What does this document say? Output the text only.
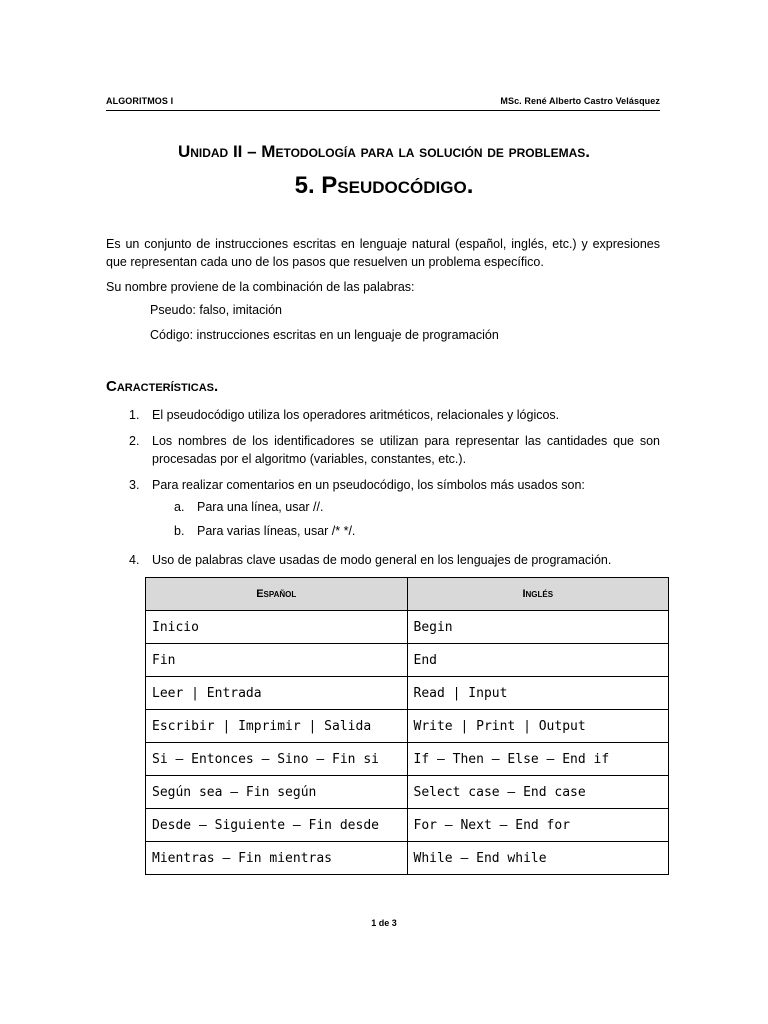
ALGORITMOS I	MSc. René Alberto Castro Velásquez
Unidad II – Metodología para la solución de problemas.
5. Pseudocódigo.
Es un conjunto de instrucciones escritas en lenguaje natural (español, inglés, etc.) y expresiones que representan cada uno de los pasos que resuelven un problema específico.
Su nombre proviene de la combinación de las palabras:
Pseudo: falso, imitación
Código: instrucciones escritas en un lenguaje de programación
Características.
1. El pseudocódigo utiliza los operadores aritméticos, relacionales y lógicos.
2. Los nombres de los identificadores se utilizan para representar las cantidades que son procesadas por el algoritmo (variables, constantes, etc.).
3. Para realizar comentarios en un pseudocódigo, los símbolos más usados son:
4. Uso de palabras clave usadas de modo general en los lenguajes de programación.
a. Para una línea, usar //.
b. Para varias líneas, usar /* */.
Español	Inglés
Inicio	Begin
Fin	End
Leer | Entrada	Read | Input
Escribir | Imprimir | Salida	Write | Print | Output
Si – Entonces – Sino – Fin si	If – Then – Else – End if
Según sea – Fin según	Select case – End case
Desde – Siguiente – Fin desde	For – Next – End for
Mientras – Fin mientras	While – End while
1 de 3
